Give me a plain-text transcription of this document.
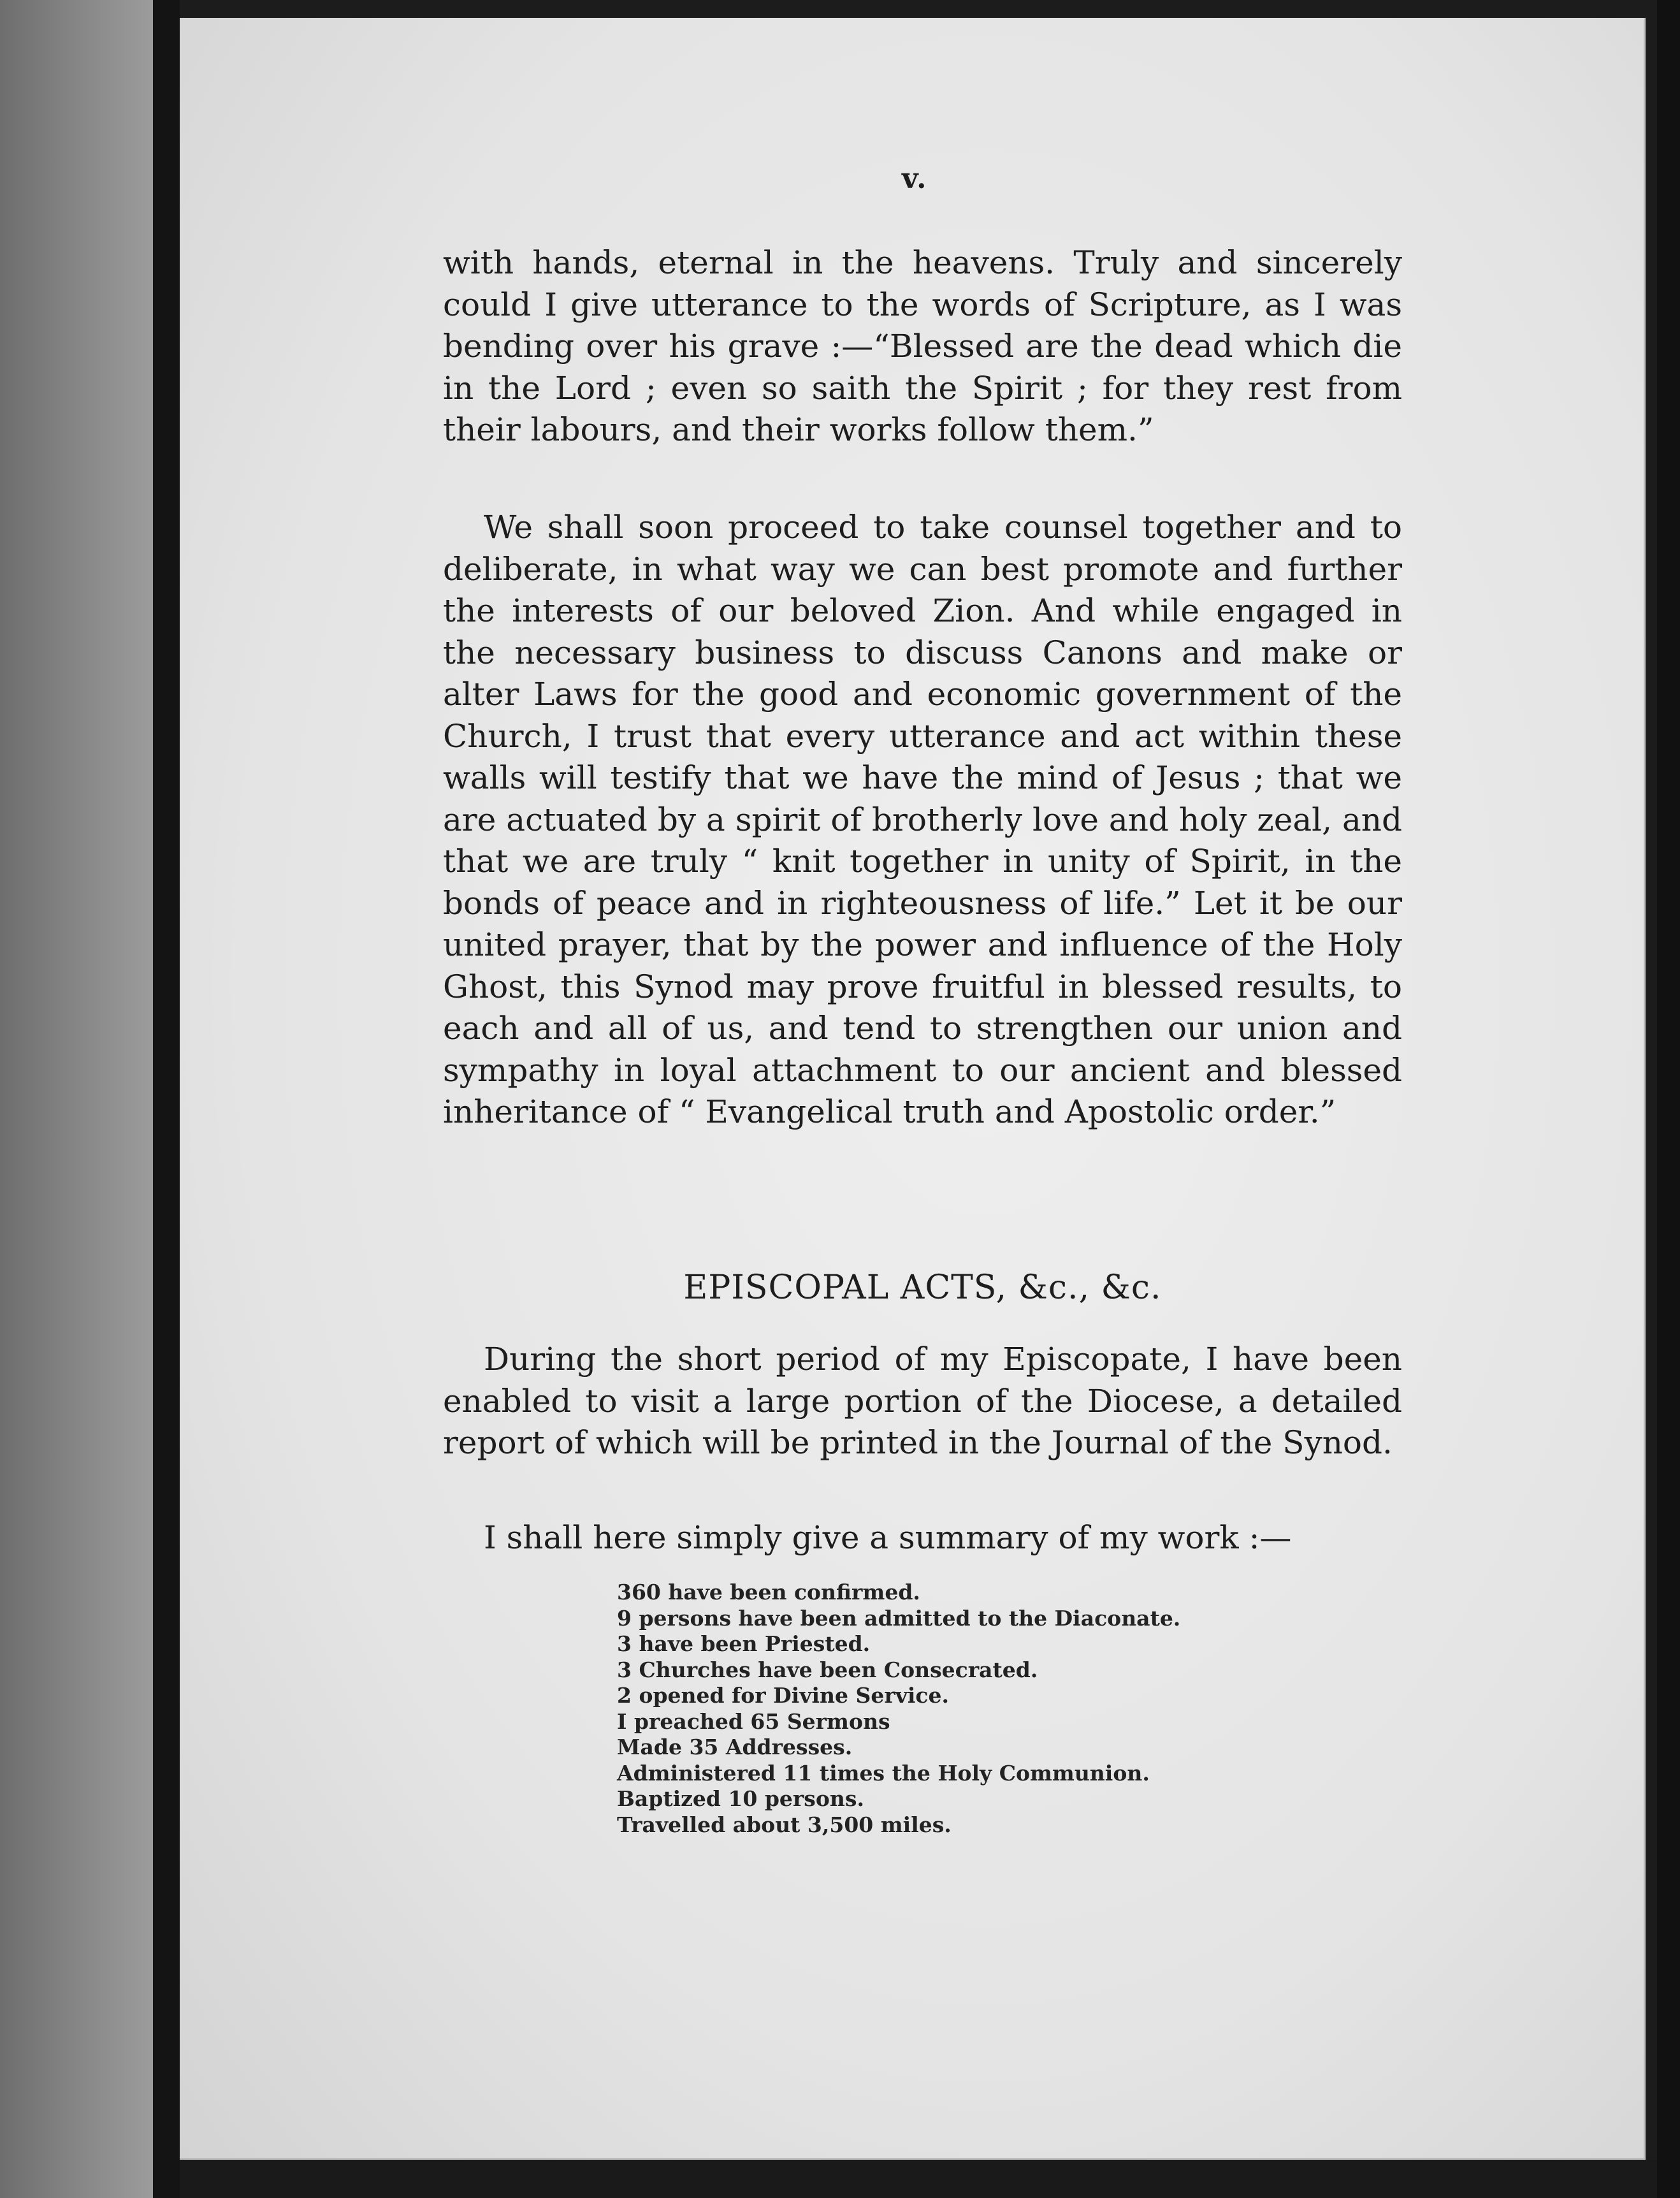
v.

with hands, eternal in the heavens. Truly and sincerely could I give utterance to the words of Scripture, as I was bending over his grave :—“Blessed are the dead which die in the Lord ; even so saith the Spirit ; for they rest from their labours, and their works follow them.”

We shall soon proceed to take counsel together and to deliberate, in what way we can best promote and further the interests of our beloved Zion. And while engaged in the necessary business to discuss Canons and make or alter Laws for the good and economic government of the Church, I trust that every utterance and act within these walls will testify that we have the mind of Jesus ; that we are actuated by a spirit of brotherly love and holy zeal, and that we are truly “ knit together in unity of Spirit, in the bonds of peace and in righteousness of life.” Let it be our united prayer, that by the power and influence of the Holy Ghost, this Synod may prove fruitful in blessed results, to each and all of us, and tend to strengthen our union and sympathy in loyal attachment to our ancient and blessed inheritance of “ Evangelical truth and Apostolic order.”

EPISCOPAL ACTS, &c., &c.

During the short period of my Episcopate, I have been enabled to visit a large portion of the Diocese, a detailed report of which will be printed in the Journal of the Synod.

I shall here simply give a summary of my work :—

360 have been confirmed.
9 persons have been admitted to the Diaconate.
3 have been Priested.
3 Churches have been Consecrated.
2 opened for Divine Service.
I preached 65 Sermons
Made 35 Addresses.
Administered 11 times the Holy Communion.
Baptized 10 persons.
Travelled about 3,500 miles.
